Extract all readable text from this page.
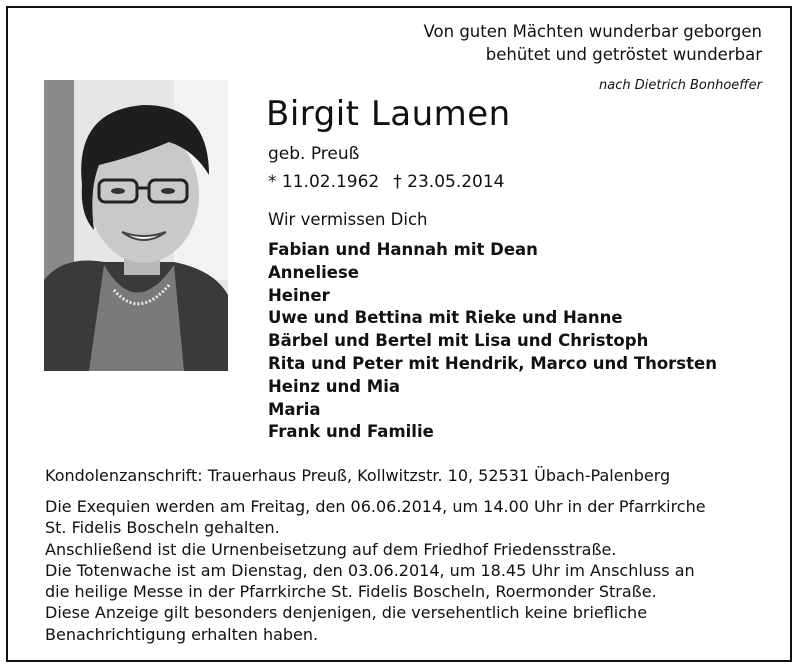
Von guten Mächten wunderbar geborgen
behütet und getröstet wunderbar
nach Dietrich Bonhoeffer
Birgit Laumen
geb. Preuß
* 11.02.1962 † 23.05.2014
Wir vermissen Dich
Fabian und Hannah mit Dean
Anneliese
Heiner
Uwe und Bettina mit Rieke und Hanne
Bärbel und Bertel mit Lisa und Christoph
Rita und Peter mit Hendrik, Marco und Thorsten
Heinz und Mia
Maria
Frank und Familie
Kondolenzanschrift: Trauerhaus Preuß, Kollwitzstr. 10, 52531 Übach-Palenberg
Die Exequien werden am Freitag, den 06.06.2014, um 14.00 Uhr in der Pfarrkirche
St. Fidelis Boscheln gehalten.
Anschließend ist die Urnenbeisetzung auf dem Friedhof Friedensstraße.
Die Totenwache ist am Dienstag, den 03.06.2014, um 18.45 Uhr im Anschluss an
die heilige Messe in der Pfarrkirche St. Fidelis Boscheln, Roermonder Straße.
Diese Anzeige gilt besonders denjenigen, die versehentlich keine briefliche
Benachrichtigung erhalten haben.
